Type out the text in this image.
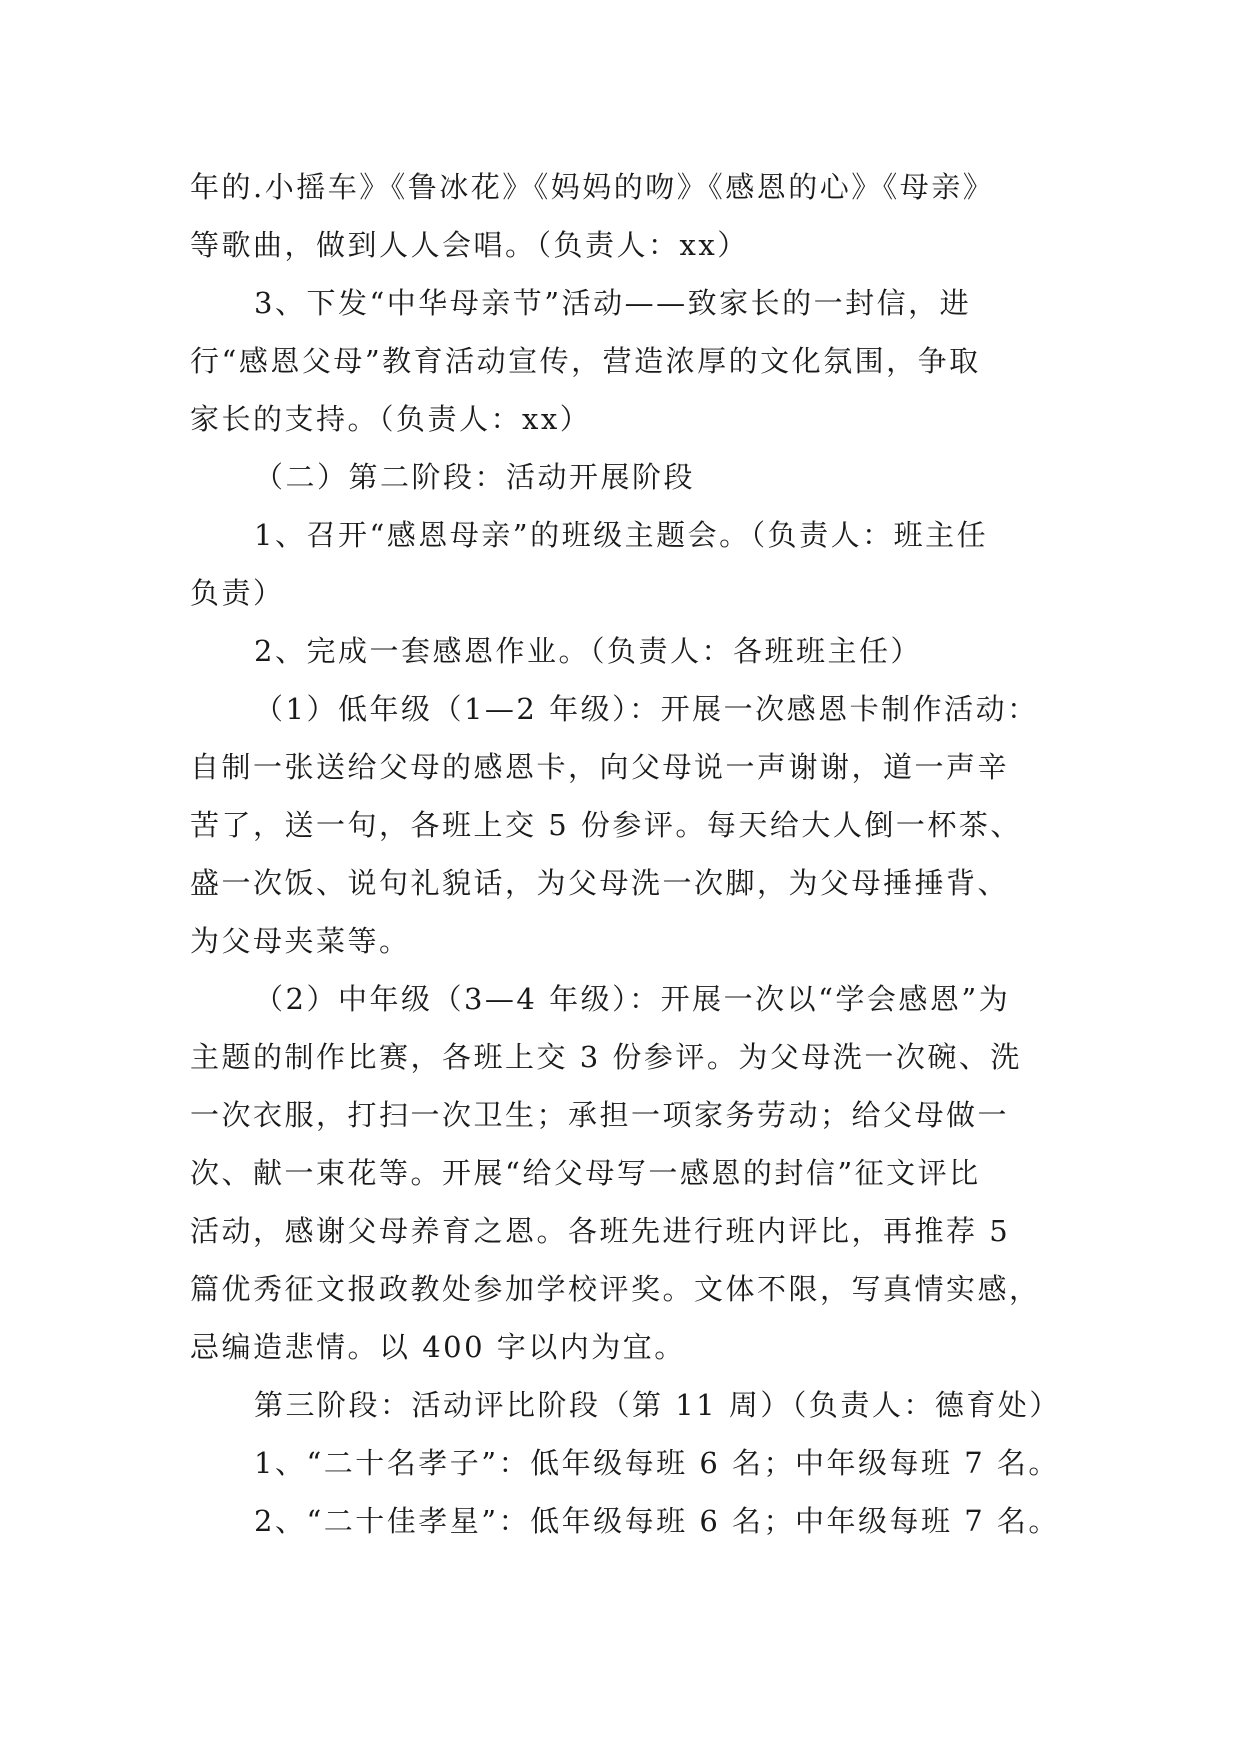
年的.小摇车》《鲁冰花》《妈妈的吻》《感恩的心》《母亲》
等歌曲，做到人人会唱。（负责人：xx）
3、下发“中华母亲节”活动——致家长的一封信，进
行“感恩父母”教育活动宣传，营造浓厚的文化氛围，争取
家长的支持。（负责人：xx）
（二）第二阶段：活动开展阶段
1、召开“感恩母亲”的班级主题会。（负责人：班主任
负责）
2、完成一套感恩作业。（负责人：各班班主任）
（1）低年级（1—2 年级）：开展一次感恩卡制作活动：
自制一张送给父母的感恩卡，向父母说一声谢谢，道一声辛
苦了，送一句，各班上交 5 份参评。每天给大人倒一杯茶、
盛一次饭、说句礼貌话，为父母洗一次脚，为父母捶捶背、
为父母夹菜等。
（2）中年级（3—4 年级）：开展一次以“学会感恩”为
主题的制作比赛，各班上交 3 份参评。为父母洗一次碗、洗
一次衣服，打扫一次卫生；承担一项家务劳动；给父母做一
次、献一束花等。开展“给父母写一感恩的封信”征文评比
活动，感谢父母养育之恩。各班先进行班内评比，再推荐 5
篇优秀征文报政教处参加学校评奖。文体不限，写真情实感，
忌编造悲情。以 400 字以内为宜。
第三阶段：活动评比阶段（第 11 周）（负责人：德育处）
1、“二十名孝子”：低年级每班 6 名；中年级每班 7 名。
2、“二十佳孝星”：低年级每班 6 名；中年级每班 7 名。
